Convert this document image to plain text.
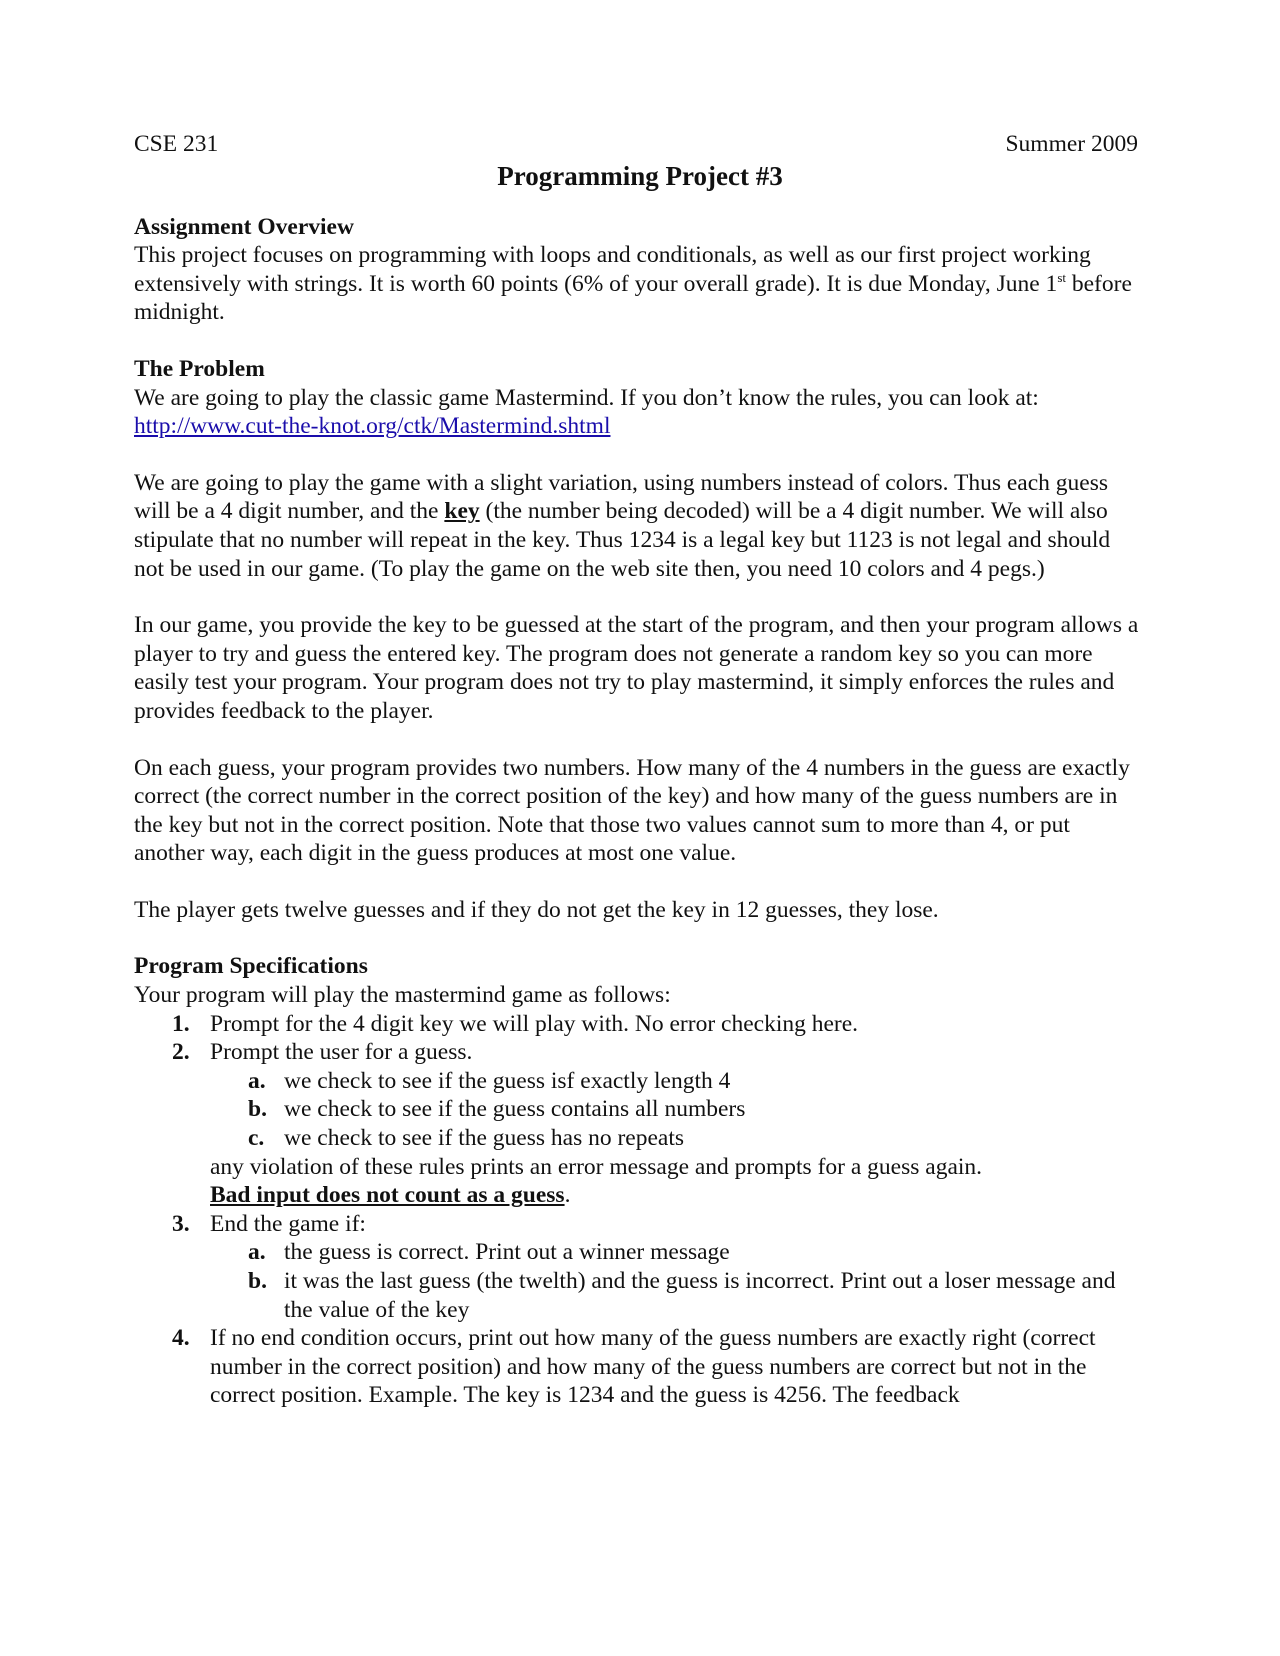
CSE 231	Summer 2009
Programming Project #3
Assignment Overview

This project focuses on programming with loops and conditionals, as well as our first project working extensively with strings. It is worth 60 points (6% of your overall grade). It is due Monday, June 1st before midnight.

The Problem

We are going to play the classic game Mastermind. If you don’t know the rules, you can look at:

http://www.cut-the-knot.org/ctk/Mastermind.shtml

We are going to play the game with a slight variation, using numbers instead of colors. Thus each guess will be a 4 digit number, and the key (the number being decoded) will be a 4 digit number. We will also stipulate that no number will repeat in the key. Thus 1234 is a legal key but 1123 is not legal and should not be used in our game. (To play the game on the web site then, you need 10 colors and 4 pegs.)

In our game, you provide the key to be guessed at the start of the program, and then your program allows a player to try and guess the entered key. The program does not generate a random key so you can more easily test your program. Your program does not try to play mastermind, it simply enforces the rules and provides feedback to the player.

On each guess, your program provides two numbers. How many of the 4 numbers in the guess are exactly correct (the correct number in the correct position of the key) and how many of the guess numbers are in the key but not in the correct position. Note that those two values cannot sum to more than 4, or put another way, each digit in the guess produces at most one value.

The player gets twelve guesses and if they do not get the key in 12 guesses, they lose.

Program Specifications

Your program will play the mastermind game as follows:

1. Prompt for the 4 digit key we will play with. No error checking here.
2. Prompt the user for a guess.
a. we check to see if the guess isf exactly length 4
b. we check to see if the guess contains all numbers
c. we check to see if the guess has no repeats
any violation of these rules prints an error message and prompts for a guess again.
Bad input does not count as a guess.
3. End the game if:
a. the guess is correct. Print out a winner message
b. it was the last guess (the twelth) and the guess is incorrect. Print out a loser message and the value of the key
4. If no end condition occurs, print out how many of the guess numbers are exactly right (correct number in the correct position) and how many of the guess numbers are correct but not in the correct position. Example. The key is 1234 and the guess is 4256. The feedback
